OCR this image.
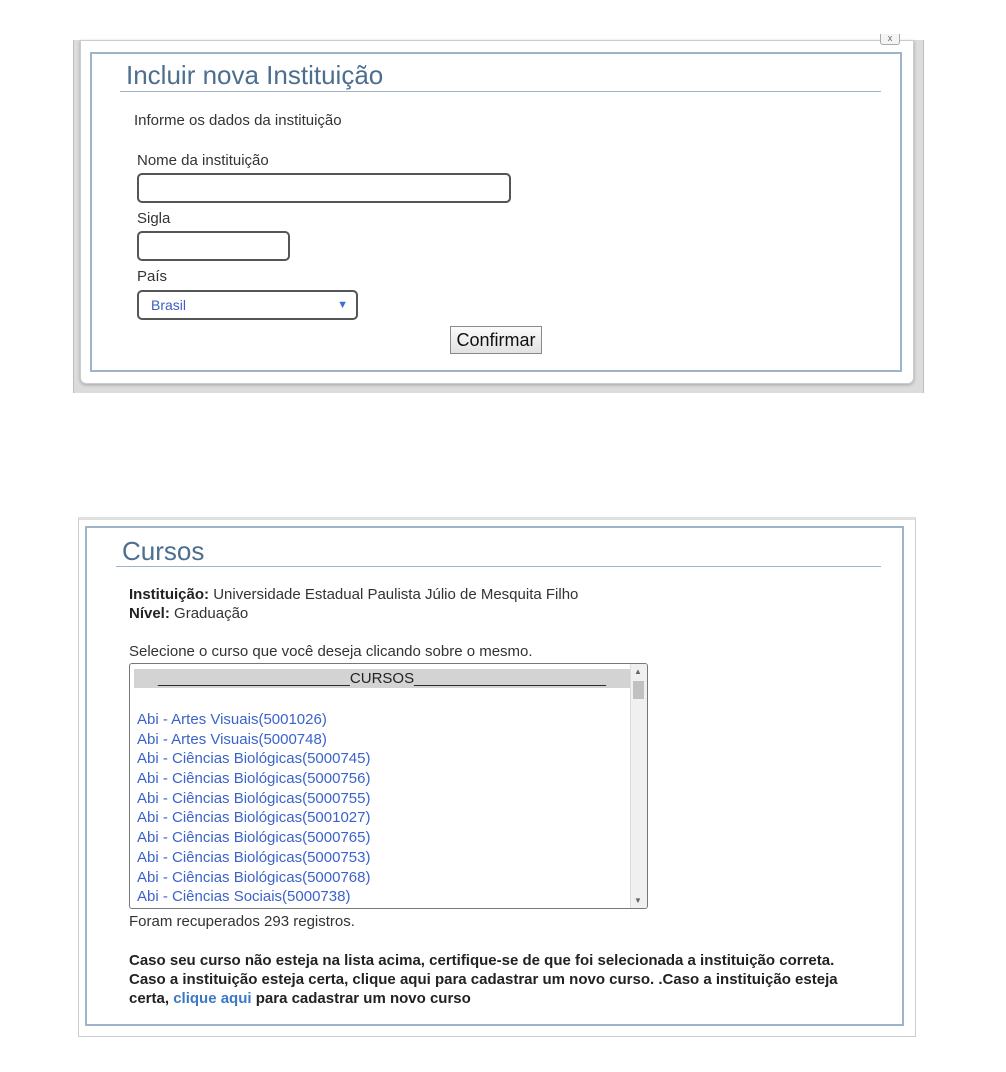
x
Incluir nova Instituição
Informe os dados da instituição
Nome da instituição
Sigla
País
Brasil	▼
Confirmar
Cursos
Instituição: Universidade Estadual Paulista Júlio de Mesquita Filho
Nível: Graduação
Selecione o curso que você deseja clicando sobre o mesmo.
_______________________CURSOS_______________________
Abi - Artes Visuais(5001026)
Abi - Artes Visuais(5000748)
Abi - Ciências Biológicas(5000745)
Abi - Ciências Biológicas(5000756)
Abi - Ciências Biológicas(5000755)
Abi - Ciências Biológicas(5001027)
Abi - Ciências Biológicas(5000765)
Abi - Ciências Biológicas(5000753)
Abi - Ciências Biológicas(5000768)
Abi - Ciências Sociais(5000738)
▲
▼
Foram recuperados 293 registros.
Caso seu curso não esteja na lista acima, certifique-se de que foi selecionada a instituição correta. Caso a instituição esteja certa, clique aqui para cadastrar um novo curso. .Caso a instituição esteja certa, clique aqui para cadastrar um novo curso
